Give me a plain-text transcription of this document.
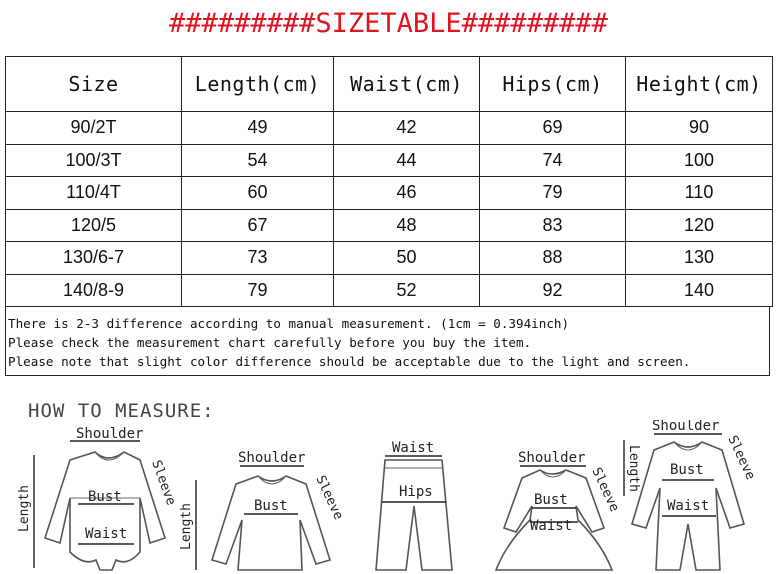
#########SIZETABLE#########
Size	Length(cm)	Waist(cm)	Hips(cm)	Height(cm)
90/2T	49	42	69	90
100/3T	54	44	74	100
110/4T	60	46	79	110
120/5	67	48	83	120
130/6-7	73	50	88	130
140/8-9	79	52	92	140
There is 2-3 difference according to manual measurement. (1cm = 0.394inch)
Please check the measurement chart carefully before you buy the item.
Please note that slight color difference should be acceptable due to the light and screen.
HOW TO MEASURE:
Shoulder
Length
Sleeve
Bust
Waist
Shoulder
Length
Sleeve
Bust
Waist
Hips
Shoulder	Length
Sleeve
Bust
Waist
Shoulder
Sleeve
Bust
Waist
